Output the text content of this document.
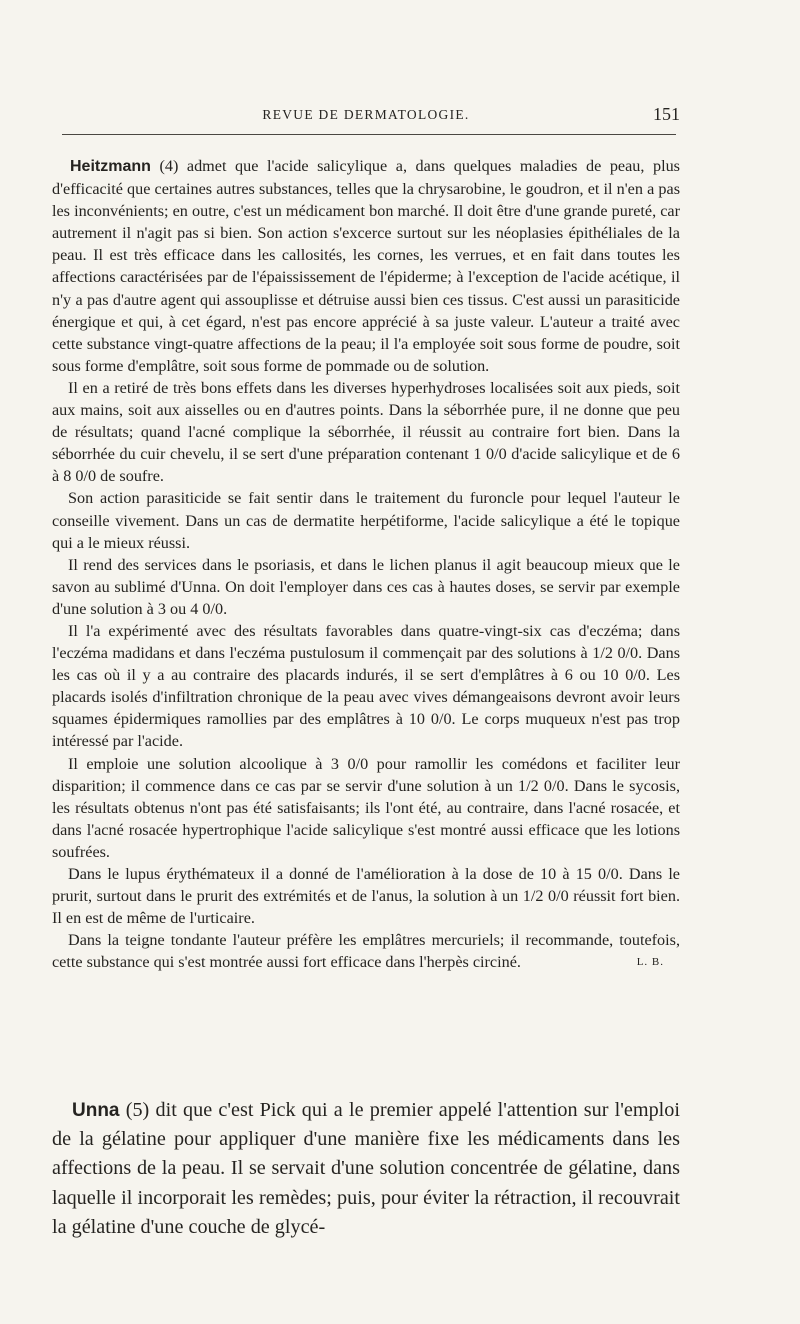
REVUE DE DERMATOLOGIE.	151

Heitzmann (4) admet que l'acide salicylique a, dans quelques maladies de peau, plus d'efficacité que certaines autres substances, telles que la chrysarobine, le goudron, et il n'en a pas les inconvénients; en outre, c'est un médicament bon marché. Il doit être d'une grande pureté, car autrement il n'agit pas si bien. Son action s'excerce surtout sur les néoplasies épithéliales de la peau. Il est très efficace dans les callosités, les cornes, les verrues, et en fait dans toutes les affections caractérisées par de l'épaississement de l'épiderme; à l'exception de l'acide acétique, il n'y a pas d'autre agent qui assouplisse et détruise aussi bien ces tissus. C'est aussi un parasiticide énergique et qui, à cet égard, n'est pas encore apprécié à sa juste valeur. L'auteur a traité avec cette substance vingt-quatre affections de la peau; il l'a employée soit sous forme de poudre, soit sous forme d'emplâtre, soit sous forme de pommade ou de solution.

Il en a retiré de très bons effets dans les diverses hyperhydroses localisées soit aux pieds, soit aux mains, soit aux aisselles ou en d'autres points. Dans la séborrhée pure, il ne donne que peu de résultats; quand l'acné complique la séborrhée, il réussit au contraire fort bien. Dans la séborrhée du cuir chevelu, il se sert d'une préparation contenant 1 0/0 d'acide salicylique et de 6 à 8 0/0 de soufre.

Son action parasiticide se fait sentir dans le traitement du furoncle pour lequel l'auteur le conseille vivement. Dans un cas de dermatite herpétiforme, l'acide salicylique a été le topique qui a le mieux réussi.

Il rend des services dans le psoriasis, et dans le lichen planus il agit beaucoup mieux que le savon au sublimé d'Unna. On doit l'employer dans ces cas à hautes doses, se servir par exemple d'une solution à 3 ou 4 0/0.

Il l'a expérimenté avec des résultats favorables dans quatre-vingt-six cas d'eczéma; dans l'eczéma madidans et dans l'eczéma pustulosum il commençait par des solutions à 1/2 0/0. Dans les cas où il y a au contraire des placards indurés, il se sert d'emplâtres à 6 ou 10 0/0. Les placards isolés d'infiltration chronique de la peau avec vives démangeaisons devront avoir leurs squames épidermiques ramollies par des emplâtres à 10 0/0. Le corps muqueux n'est pas trop intéressé par l'acide.

Il emploie une solution alcoolique à 3 0/0 pour ramollir les comédons et faciliter leur disparition; il commence dans ce cas par se servir d'une solution à un 1/2 0/0. Dans le sycosis, les résultats obtenus n'ont pas été satisfaisants; ils l'ont été, au contraire, dans l'acné rosacée, et dans l'acné rosacée hypertrophique l'acide salicylique s'est montré aussi efficace que les lotions soufrées.

Dans le lupus érythémateux il a donné de l'amélioration à la dose de 10 à 15 0/0. Dans le prurit, surtout dans le prurit des extrémités et de l'anus, la solution à un 1/2 0/0 réussit fort bien. Il en est de même de l'urticaire.

Dans la teigne tondante l'auteur préfère les emplâtres mercuriels; il recommande, toutefois, cette substance qui s'est montrée aussi fort efficace dans l'herpès circiné.	L. B.

Unna (5) dit que c'est Pick qui a le premier appelé l'attention sur l'emploi de la gélatine pour appliquer d'une manière fixe les médicaments dans les affections de la peau. Il se servait d'une solution concentrée de gélatine, dans laquelle il incorporait les remèdes; puis, pour éviter la rétraction, il recouvrait la gélatine d'une couche de glycé-
